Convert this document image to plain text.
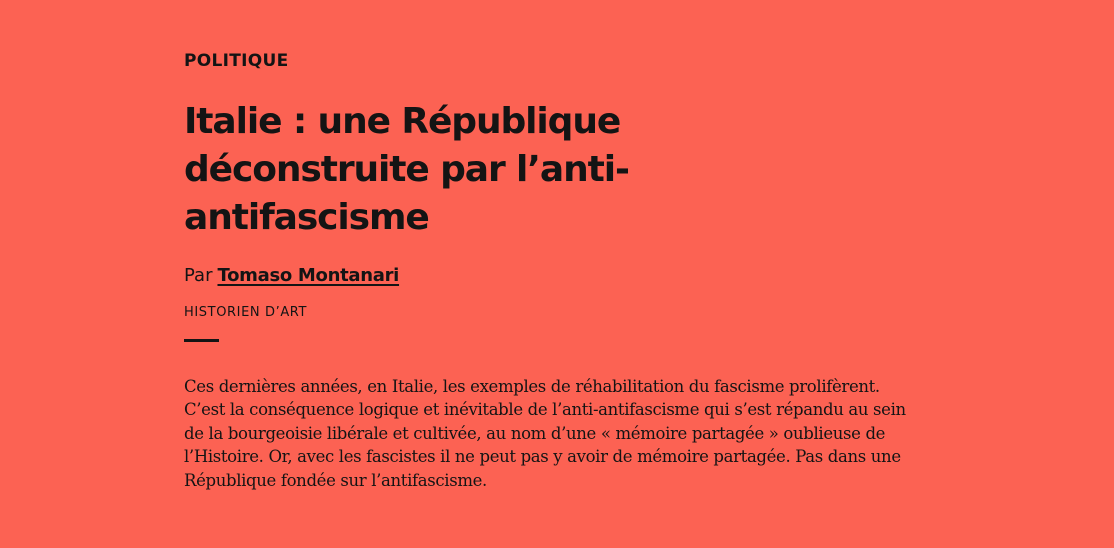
POLITIQUE
Italie : une République déconstruite par l’anti-antifascisme

Par Tomaso Montanari

HISTORIEN D’ART

Ces dernières années, en Italie, les exemples de réhabilitation du fascisme prolifèrent. C’est la conséquence logique et inévitable de l’anti-antifascisme qui s’est répandu au sein de la bourgeoisie libérale et cultivée, au nom d’une « mémoire partagée » oublieuse de l’Histoire. Or, avec les fascistes il ne peut pas y avoir de mémoire partagée. Pas dans une République fondée sur l’antifascisme.
